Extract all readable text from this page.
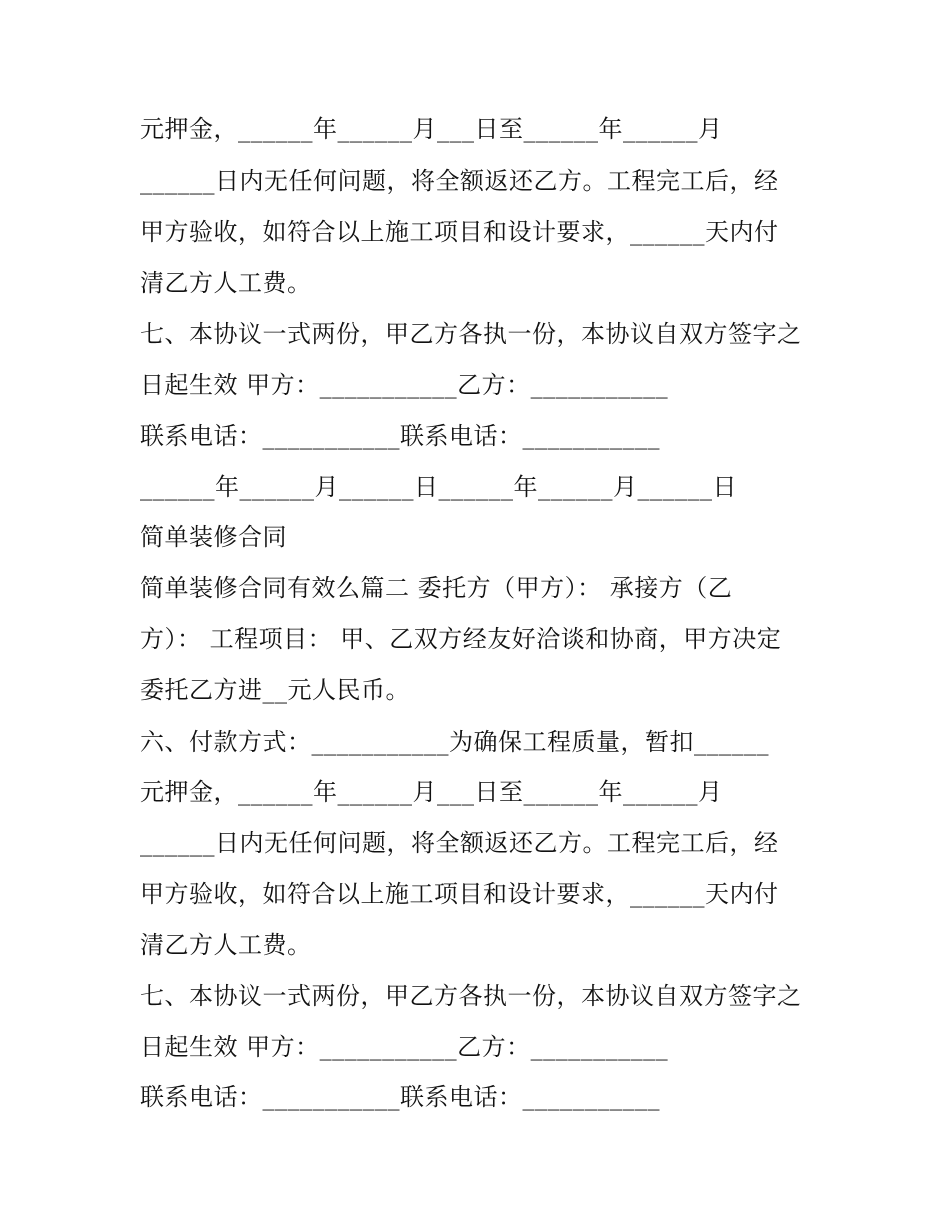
元押金，______年______月___日至______年______月
______日内无任何问题，将全额返还乙方。工程完工后，经
甲方验收，如符合以上施工项目和设计要求，______天内付
清乙方人工费。
七、本协议一式两份，甲乙方各执一份，本协议自双方签字之
日起生效 甲方：___________乙方：___________
联系电话：___________联系电话：___________
______年______月______日______年______月______日
简单装修合同
简单装修合同有效么篇二 委托方（甲方）： 承接方（乙
方）： 工程项目： 甲、乙双方经友好洽谈和协商，甲方决定
委托乙方进__元人民币。
六、付款方式：___________为确保工程质量，暂扣______
元押金，______年______月___日至______年______月
______日内无任何问题，将全额返还乙方。工程完工后，经
甲方验收，如符合以上施工项目和设计要求，______天内付
清乙方人工费。
七、本协议一式两份，甲乙方各执一份，本协议自双方签字之
日起生效 甲方：___________乙方：___________
联系电话：___________联系电话：___________
